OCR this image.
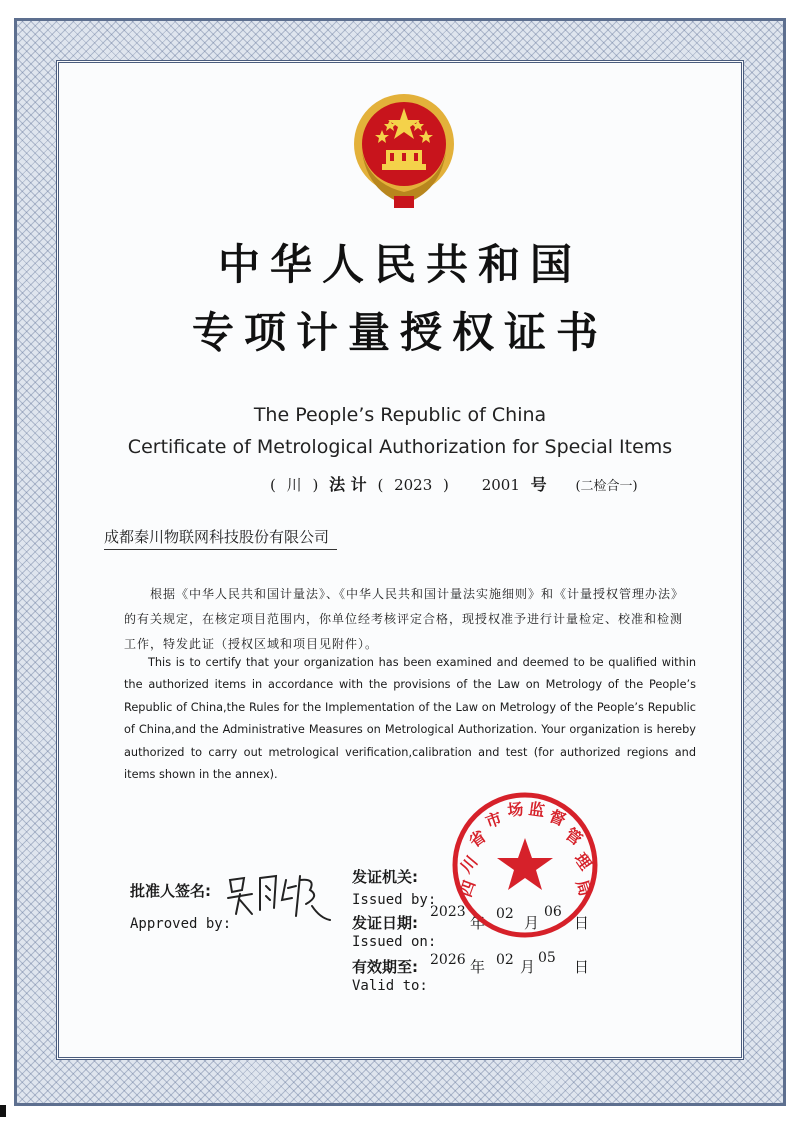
中华人民共和国
专项计量授权证书
The People’s Republic of China
Certificate of Metrological Authorization for Special Items
( 川 ) 法 计 ( 2023 ) 2001 号 (二检合一)
成都秦川物联网科技股份有限公司
根据《中华人民共和国计量法》、《中华人民共和国计量法实施细则》和《计量授权管理办法》的有关规定，在核定项目范围内，你单位经考核评定合格，现授权准予进行计量检定、校准和检测工作，特发此证（授权区域和项目见附件）。
This is to certify that your organization has been examined and deemed to be qualified within the authorized items in accordance with the provisions of the Law on Metrology of the People’s Republic of China,the Rules for the Implementation of the Law on Metrology of the People’s Republic of China,and the Administrative Measures on Metrological Authorization. Your organization is hereby authorized to carry out metrological verification,calibration and test (for authorized regions and items shown in the annex).
批准人签名:
Approved by:
发证机关:
Issued by:
发证日期:
2023
年 02 月
06
日
Issued on:
有效期至: 2026 年 02 月 05 日
Valid to:
四
川
省
市 场 监 督
管
理
局
